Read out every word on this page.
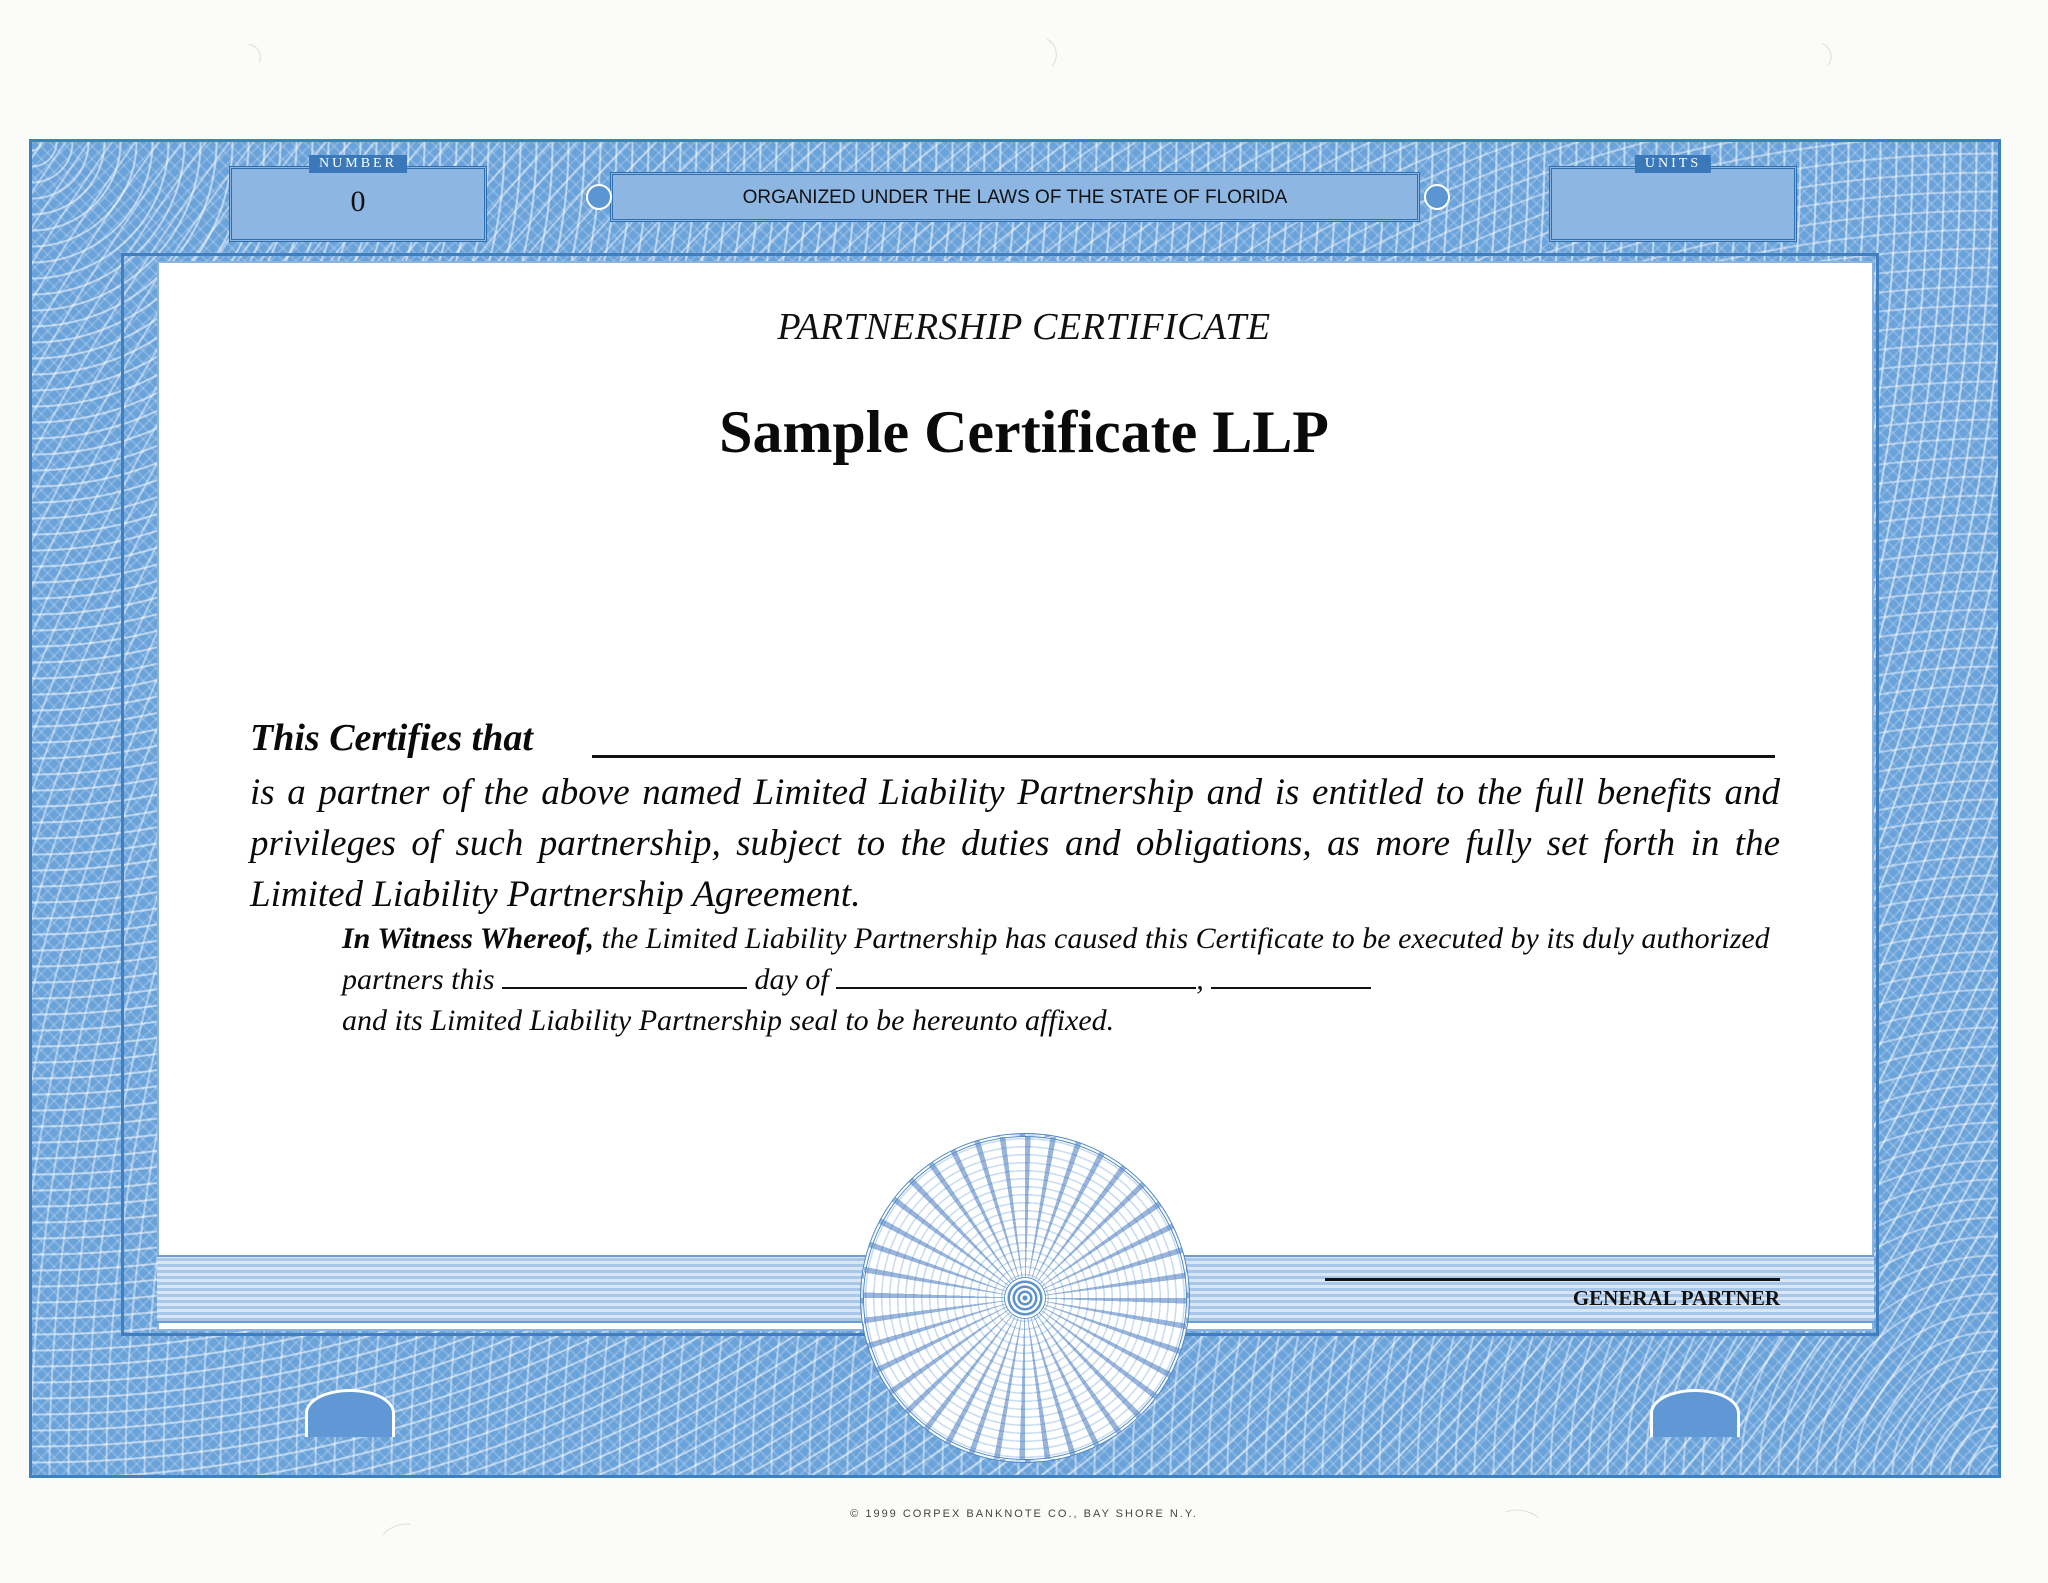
NUMBER
0	ORGANIZED UNDER THE LAWS OF THE STATE OF FLORIDA
UNITS
PARTNERSHIP CERTIFICATE
Sample Certificate LLP
This Certifies that
is a partner of the above named Limited Liability Partnership and is entitled to the full benefits and privileges of such partnership, subject to the duties and obligations, as more fully set forth in the Limited Liability Partnership Agreement.
In Witness Whereof, the Limited Liability Partnership has caused this Certificate to be executed by its duly authorized partners this	day of	,
and its Limited Liability Partnership seal to be hereunto affixed.
GENERAL PARTNER
© 1999 CORPEX BANKNOTE CO., BAY SHORE N.Y.
